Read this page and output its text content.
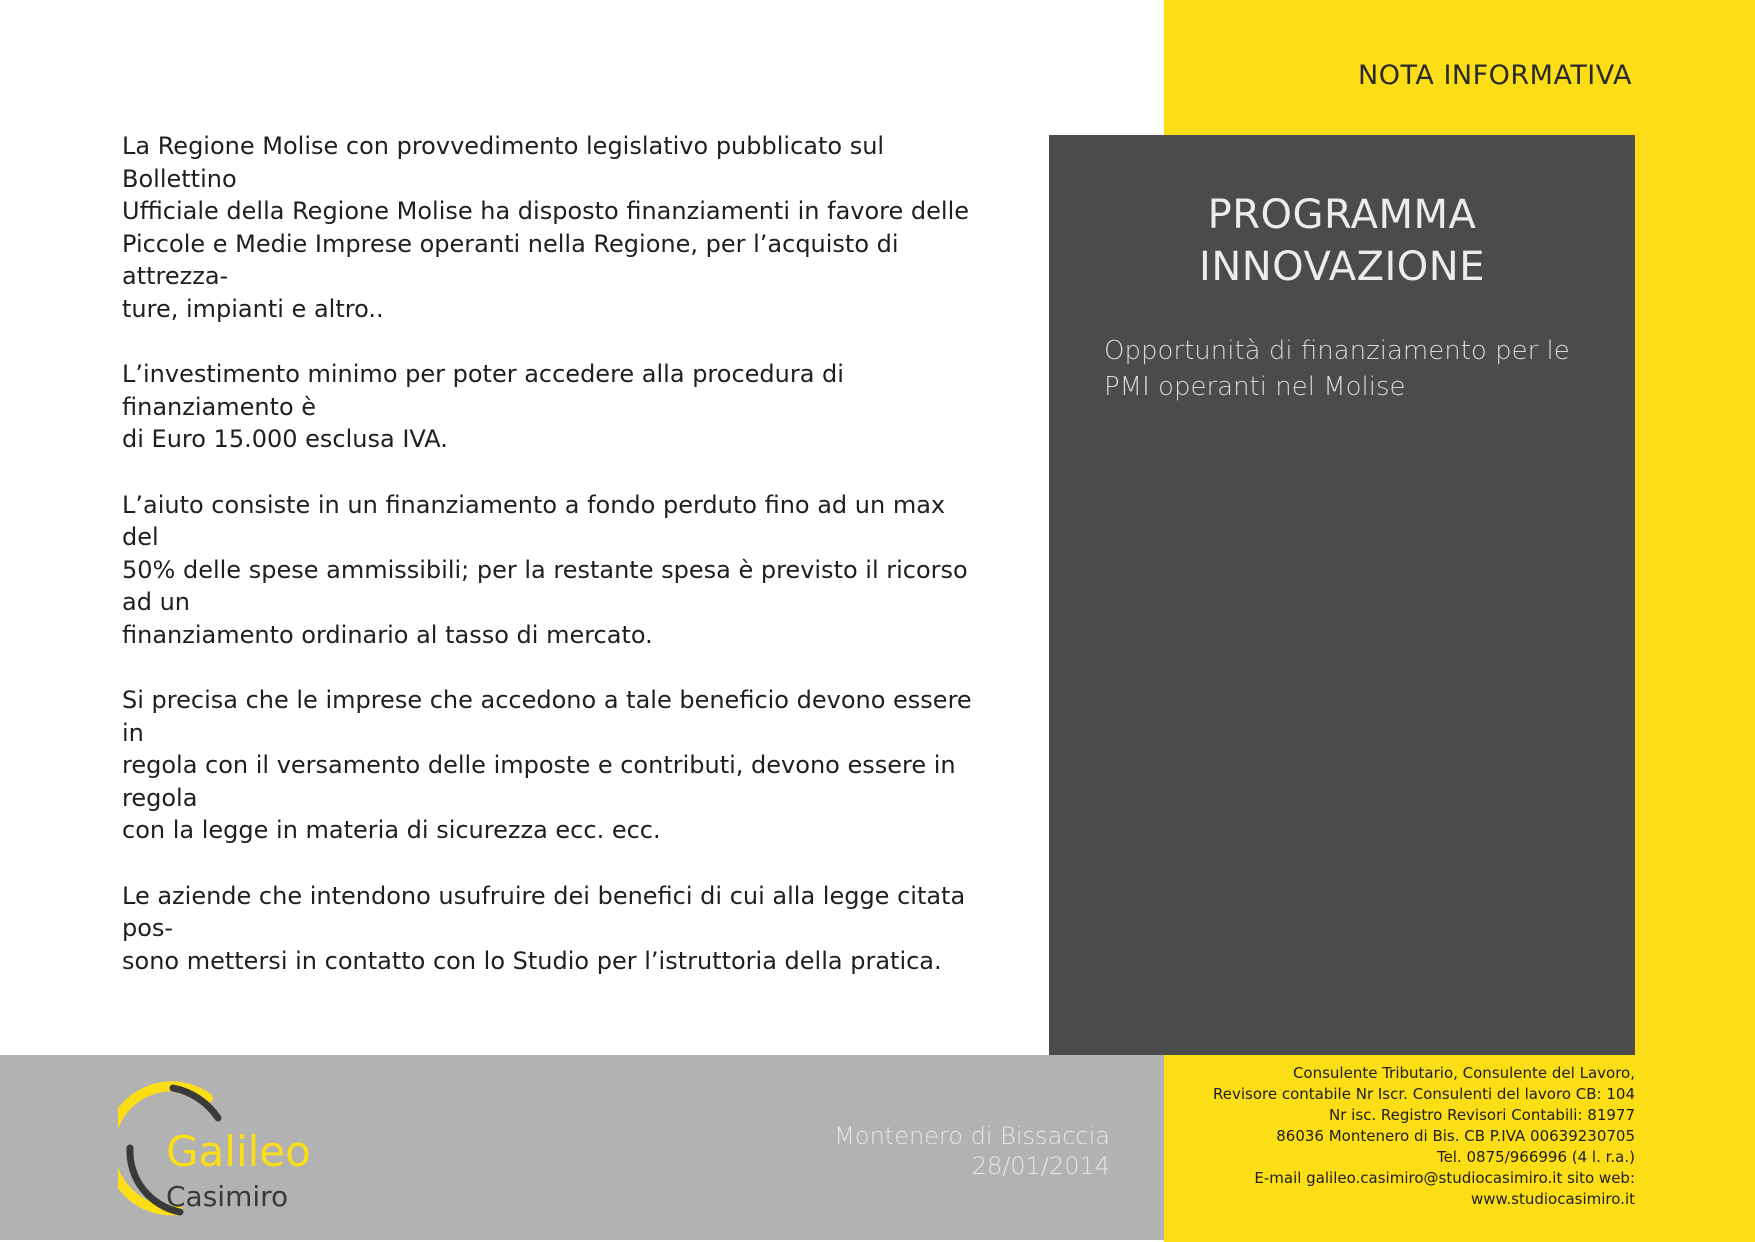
NOTA INFORMATIVA
PROGRAMMA
INNOVAZIONE
Opportunità di finanziamento per le
PMI operanti nel Molise

La Regione Molise con provvedimento legislativo pubblicato sul Bollettino
Ufficiale della Regione Molise ha disposto finanziamenti in favore delle
Piccole e Medie Imprese operanti nella Regione, per l’acquisto di attrezza-
ture, impianti e altro..

L’investimento minimo per poter accedere alla procedura di finanziamento è
di Euro 15.000 esclusa IVA.

L’aiuto consiste in un finanziamento a fondo perduto fino ad un max del
50% delle spese ammissibili; per la restante spesa è previsto il ricorso ad un
finanziamento ordinario al tasso di mercato.

Si precisa che le imprese che accedono a tale beneficio devono essere in
regola con il versamento delle imposte e contributi, devono essere in regola
con la legge in materia di sicurezza ecc. ecc.

Le aziende che intendono usufruire dei benefici di cui alla legge citata pos-
sono mettersi in contatto con lo Studio per l’istruttoria della pratica.

Galileo
Casimiro
Montenero di Bissaccia
28/01/2014
Consulente Tributario, Consulente del Lavoro,
Revisore contabile Nr Iscr. Consulenti del lavoro CB: 104
Nr isc. Registro Revisori Contabili: 81977
86036 Montenero di Bis. CB P.IVA 00639230705
Tel. 0875/966996 (4 l. r.a.)
E-mail galileo.casimiro@studiocasimiro.it sito web:
www.studiocasimiro.it
